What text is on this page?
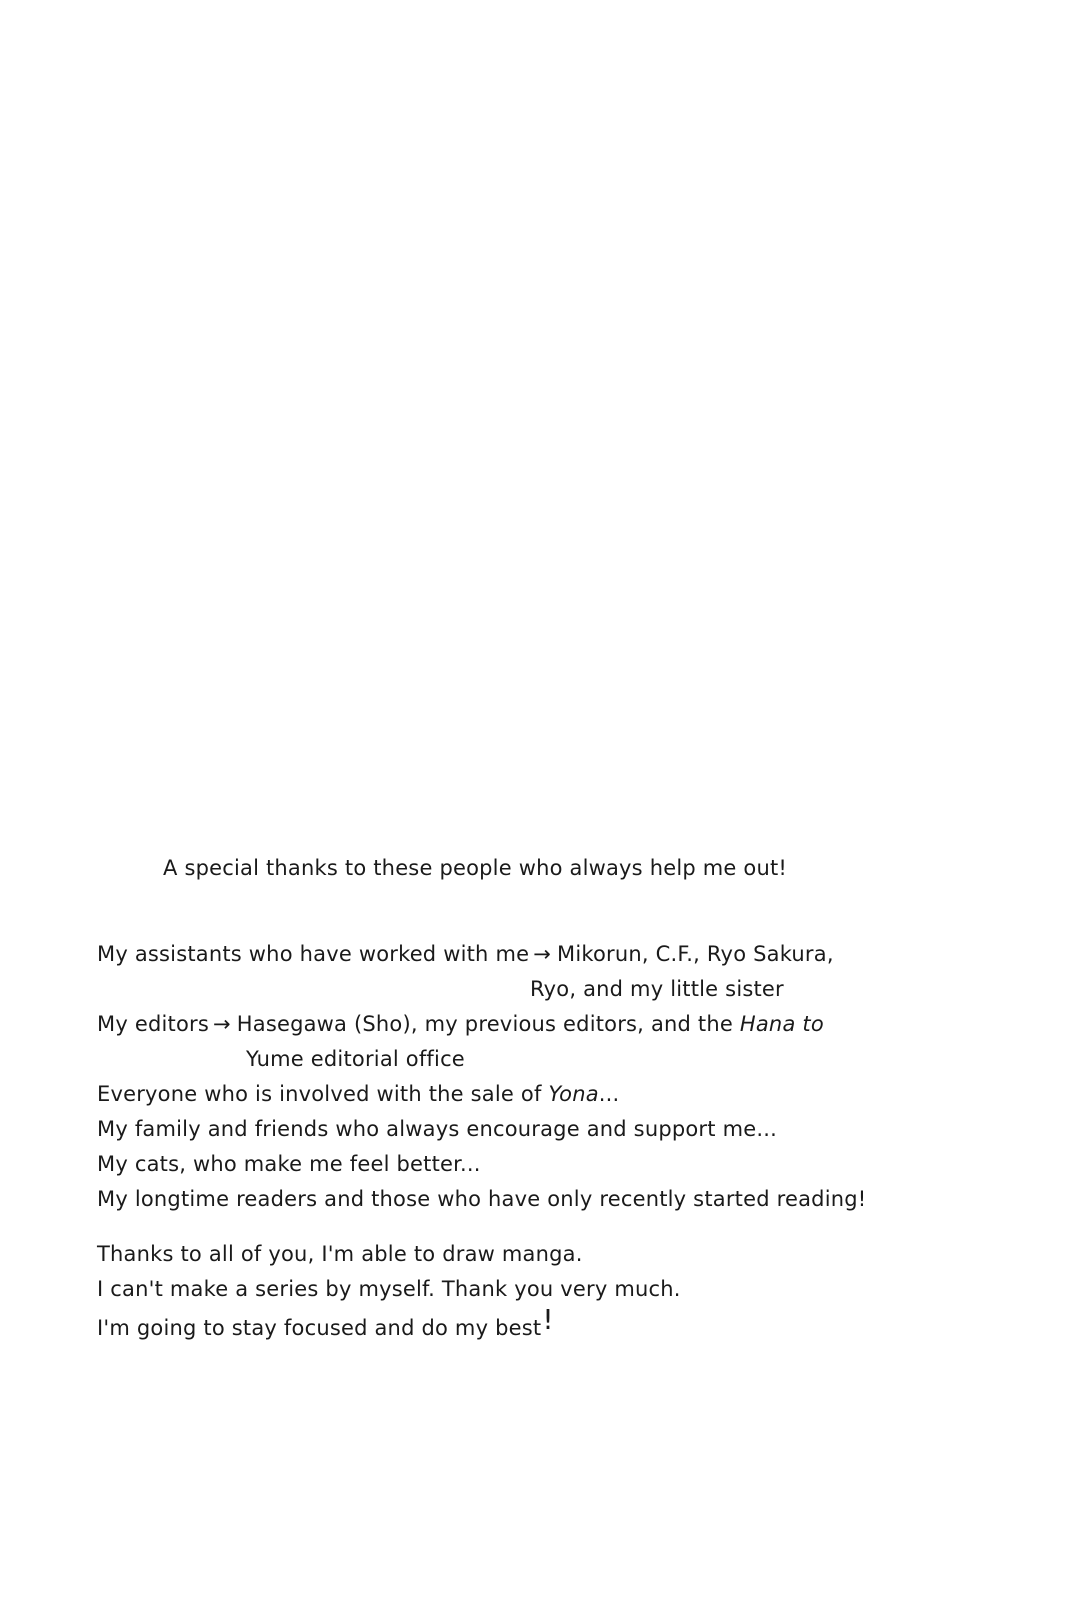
A special thanks to these people who always help me out!
My assistants who have worked with me → Mikorun, C.F., Ryo Sakura,
Ryo, and my little sister
My editors → Hasegawa (Sho), my previous editors, and the Hana to
Yume editorial office
Everyone who is involved with the sale of Yona...
My family and friends who always encourage and support me...
My cats, who make me feel better...
My longtime readers and those who have only recently started reading!
Thanks to all of you, I'm able to draw manga.
I can't make a series by myself. Thank you very much.
I'm going to stay focused and do my best!
